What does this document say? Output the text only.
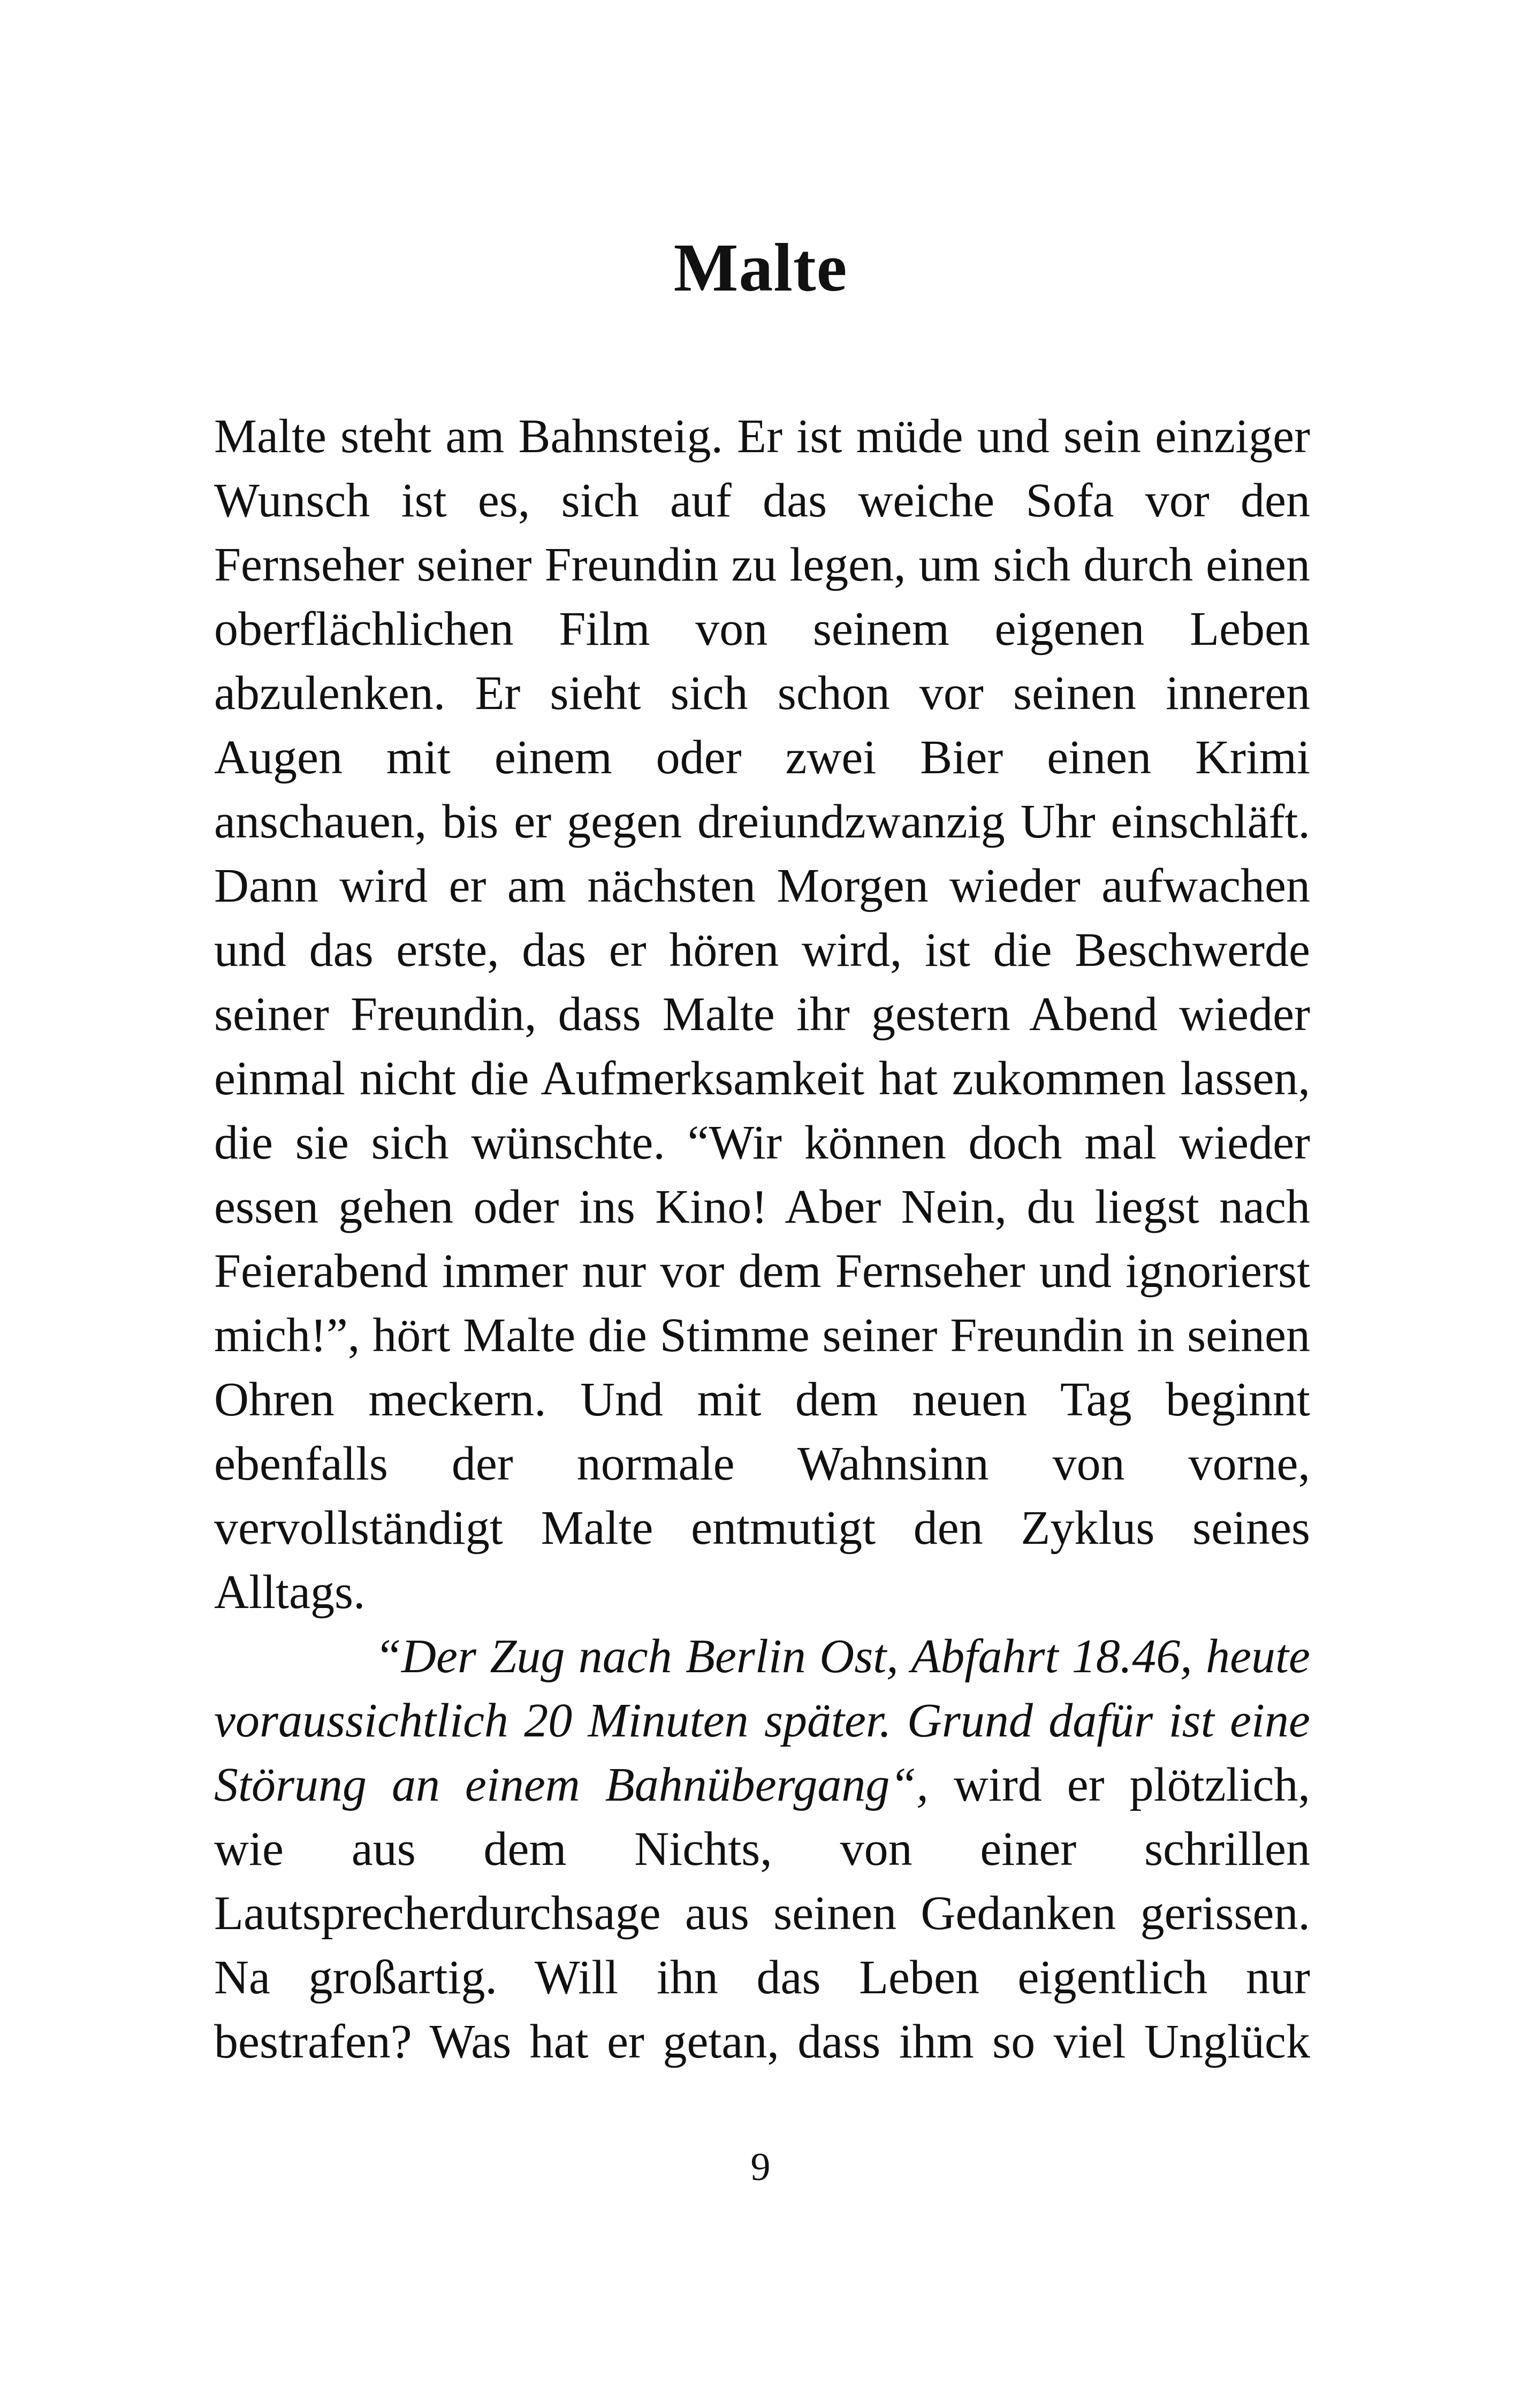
Malte
Malte steht am Bahnsteig. Er ist müde und sein einziger
Wunsch ist es, sich auf das weiche Sofa vor den
Fernseher seiner Freundin zu legen, um sich durch einen
oberflächlichen Film von seinem eigenen Leben
abzulenken. Er sieht sich schon vor seinen inneren
Augen mit einem oder zwei Bier einen Krimi
anschauen, bis er gegen dreiundzwanzig Uhr einschläft.
Dann wird er am nächsten Morgen wieder aufwachen
und das erste, das er hören wird, ist die Beschwerde
seiner Freundin, dass Malte ihr gestern Abend wieder
einmal nicht die Aufmerksamkeit hat zukommen lassen,
die sie sich wünschte. “Wir können doch mal wieder
essen gehen oder ins Kino! Aber Nein, du liegst nach
Feierabend immer nur vor dem Fernseher und ignorierst
mich!”, hört Malte die Stimme seiner Freundin in seinen
Ohren meckern. Und mit dem neuen Tag beginnt
ebenfalls der normale Wahnsinn von vorne,
vervollständigt Malte entmutigt den Zyklus seines
Alltags.
“Der Zug nach Berlin Ost, Abfahrt 18.46, heute
voraussichtlich 20 Minuten später. Grund dafür ist eine
Störung an einem Bahnübergang“, wird er plötzlich,
wie aus dem Nichts, von einer schrillen
Lautsprecherdurchsage aus seinen Gedanken gerissen.
Na großartig. Will ihn das Leben eigentlich nur
bestrafen? Was hat er getan, dass ihm so viel Unglück
9
